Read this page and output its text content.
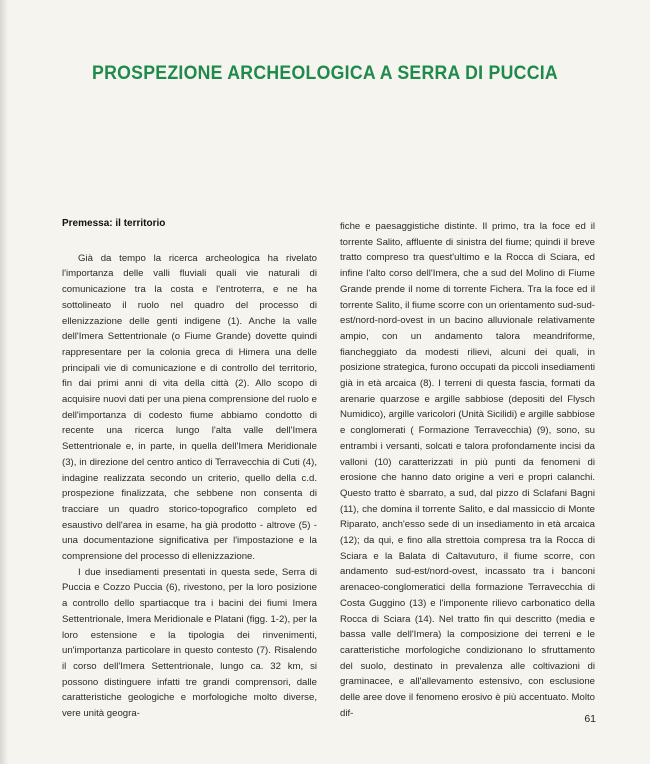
PROSPEZIONE ARCHEOLOGICA A SERRA DI PUCCIA
Premessa: il territorio

Già da tempo la ricerca archeologica ha rivelato l'importanza delle valli fluviali quali vie naturali di comunicazione tra la costa e l'entroterra, e ne ha sottolineato il ruolo nel quadro del processo di ellenizzazione delle genti indigene (1). Anche la valle dell'Imera Settentrionale (o Fiume Grande) dovette quindi rappresentare per la colonia greca di Himera una delle principali vie di comunicazione e di controllo del territorio, fin dai primi anni di vita della città (2). Allo scopo di acquisire nuovi dati per una piena comprensione del ruolo e dell'importanza di codesto fiume abbiamo condotto di recente una ricerca lungo l'alta valle dell'Imera Settentrionale e, in parte, in quella dell'Imera Meridionale (3), in direzione del centro antico di Terravecchia di Cuti (4), indagine realizzata secondo un criterio, quello della c.d. prospezione finalizzata, che sebbene non consenta di tracciare un quadro storico-topografico completo ed esaustivo dell'area in esame, ha già prodotto - altrove (5) - una documentazione significativa per l'impostazione e la comprensione del processo di ellenizzazione.

I due insediamenti presentati in questa sede, Serra di Puccia e Cozzo Puccia (6), rivestono, per la loro posizione a controllo dello spartiacque tra i bacini dei fiumi Imera Settentrionale, Imera Meridionale e Platani (figg. 1-2), per la loro estensione e la tipologia dei rinvenimenti, un'importanza particolare in questo contesto (7). Risalendo il corso dell'Imera Settentrionale, lungo ca. 32 km, si possono distinguere infatti tre grandi comprensori, dalle caratteristiche geologiche e morfologiche molto diverse, vere unità geogra-

fiche e paesaggistiche distinte. Il primo, tra la foce ed il torrente Salito, affluente di sinistra del fiume; quindi il breve tratto compreso tra quest'ultimo e la Rocca di Sciara, ed infine l'alto corso dell'Imera, che a sud del Molino di Fiume Grande prende il nome di torrente Fichera. Tra la foce ed il torrente Salito, il fiume scorre con un orientamento sud-sud-est/nord-nord-ovest in un bacino alluvionale relativamente ampio, con un andamento talora meandriforme, fiancheggiato da modesti rilievi, alcuni dei quali, in posizione strategica, furono occupati da piccoli insediamenti già in età arcaica (8). I terreni di questa fascia, formati da arenarie quarzose e argille sabbiose (depositi del Flysch Numidico), argille varicolori (Unità Sicilidi) e argille sabbiose e conglomerati ( Formazione Terravecchia) (9), sono, su entrambi i versanti, solcati e talora profondamente incisi da valloni (10) caratterizzati in più punti da fenomeni di erosione che hanno dato origine a veri e propri calanchi. Questo tratto è sbarrato, a sud, dal pizzo di Sclafani Bagni (11), che domina il torrente Salito, e dal massiccio di Monte Riparato, anch'esso sede di un insediamento in età arcaica (12); da qui, e fino alla strettoia compresa tra la Rocca di Sciara e la Balata di Caltavuturo, il fiume scorre, con andamento sud-est/nord-ovest, incassato tra i banconi arenaceo-conglomeratici della formazione Terravecchia di Costa Guggino (13) e l'imponente rilievo carbonatico della Rocca di Sciara (14). Nel tratto fin qui descritto (media e bassa valle dell'Imera) la composizione dei terreni e le caratteristiche morfologiche condizionano lo sfruttamento del suolo, destinato in prevalenza alle coltivazioni di graminacee, e all'allevamento estensivo, con esclusione delle aree dove il fenomeno erosivo è più accentuato. Molto dif-	61
